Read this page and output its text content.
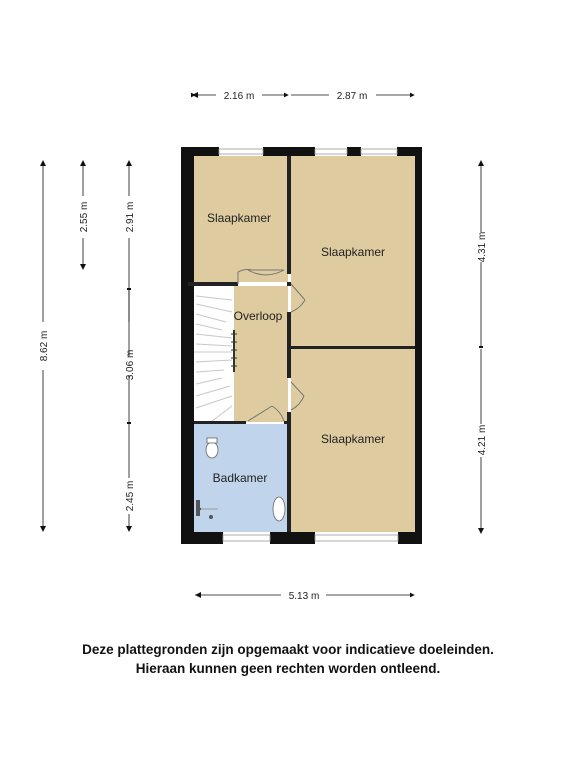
Slaapkamer
Slaapkamer
Overloop
Slaapkamer
Badkamer
2.16 m	2.87 m
5.13 m
8.62 m
2.55 m	2.91 m
3.06 m
2.45 m
4.31 m
4.21 m

Deze plattegronden zijn opgemaakt voor indicatieve doeleinden.

Hieraan kunnen geen rechten worden ontleend.
